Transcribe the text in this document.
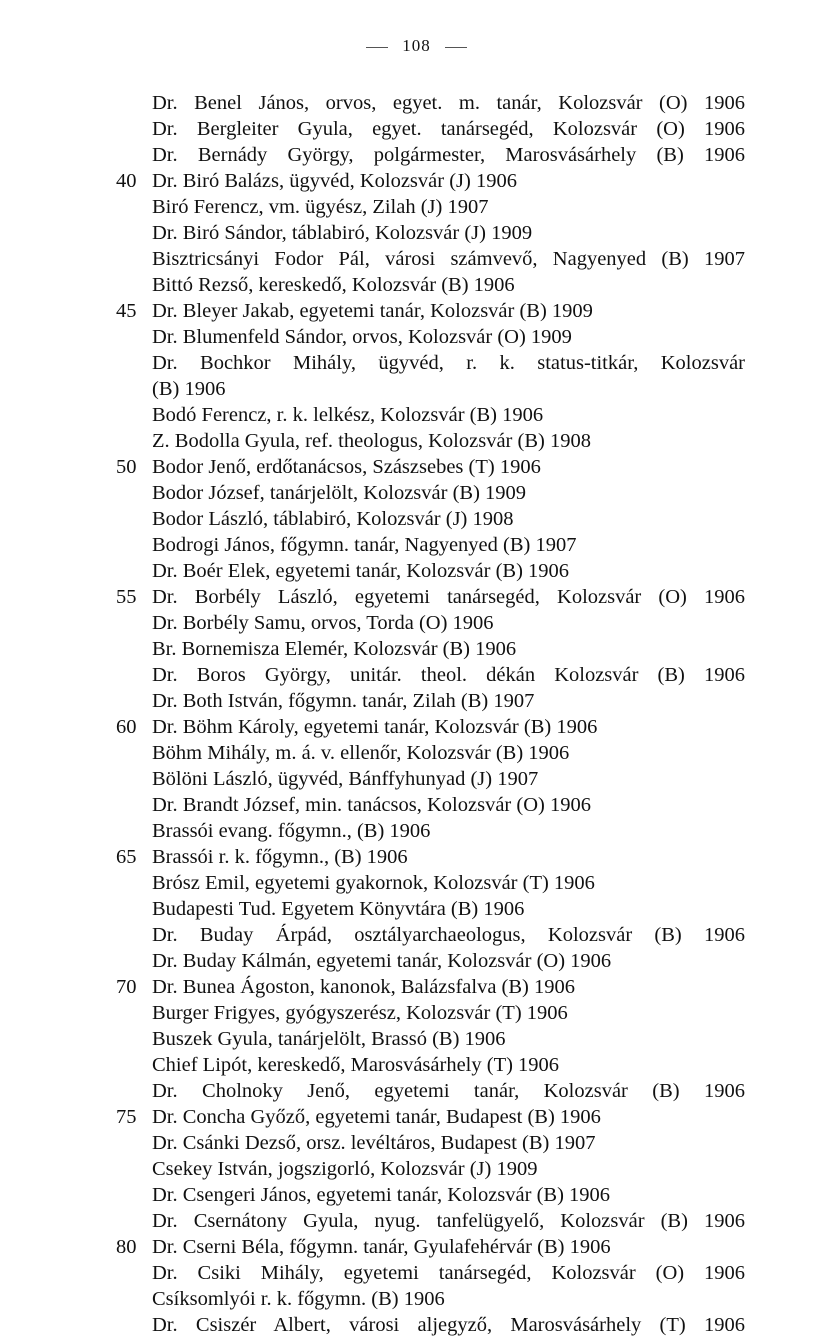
108
Dr. Benel János, orvos, egyet. m. tanár, Kolozsvár (O) 1906
Dr. Bergleiter Gyula, egyet. tanársegéd, Kolozsvár (O) 1906
Dr. Bernády György, polgármester, Marosvásárhely (B) 1906
40 Dr. Biró Balázs, ügyvéd, Kolozsvár (J) 1906
Biró Ferencz, vm. ügyész, Zilah (J) 1907
Dr. Biró Sándor, táblabiró, Kolozsvár (J) 1909
Bisztricsányi Fodor Pál, városi számvevő, Nagyenyed (B) 1907
Bittó Rezső, kereskedő, Kolozsvár (B) 1906
45 Dr. Bleyer Jakab, egyetemi tanár, Kolozsvár (B) 1909
Dr. Blumenfeld Sándor, orvos, Kolozsvár (O) 1909
Dr. Bochkor Mihály, ügyvéd, r. k. status-titkár, Kolozsvár
(B) 1906
Bodó Ferencz, r. k. lelkész, Kolozsvár (B) 1906
Z. Bodolla Gyula, ref. theologus, Kolozsvár (B) 1908
50 Bodor Jenő, erdőtanácsos, Szászsebes (T) 1906
Bodor József, tanárjelölt, Kolozsvár (B) 1909
Bodor László, táblabiró, Kolozsvár (J) 1908
Bodrogi János, főgymn. tanár, Nagyenyed (B) 1907
Dr. Boér Elek, egyetemi tanár, Kolozsvár (B) 1906
55 Dr. Borbély László, egyetemi tanársegéd, Kolozsvár (O) 1906
Dr. Borbély Samu, orvos, Torda (O) 1906
Br. Bornemisza Elemér, Kolozsvár (B) 1906
Dr. Boros György, unitár. theol. dékán Kolozsvár (B) 1906
Dr. Both István, főgymn. tanár, Zilah (B) 1907
60 Dr. Böhm Károly, egyetemi tanár, Kolozsvár (B) 1906
Böhm Mihály, m. á. v. ellenőr, Kolozsvár (B) 1906
Bölöni László, ügyvéd, Bánffyhunyad (J) 1907
Dr. Brandt József, min. tanácsos, Kolozsvár (O) 1906
Brassói evang. főgymn., (B) 1906
65 Brassói r. k. főgymn., (B) 1906
Brósz Emil, egyetemi gyakornok, Kolozsvár (T) 1906
Budapesti Tud. Egyetem Könyvtára (B) 1906
Dr. Buday Árpád, osztályarchaeologus, Kolozsvár (B) 1906
Dr. Buday Kálmán, egyetemi tanár, Kolozsvár (O) 1906
70 Dr. Bunea Ágoston, kanonok, Balázsfalva (B) 1906
Burger Frigyes, gyógyszerész, Kolozsvár (T) 1906
Buszek Gyula, tanárjelölt, Brassó (B) 1906
Chief Lipót, kereskedő, Marosvásárhely (T) 1906
Dr. Cholnoky Jenő, egyetemi tanár, Kolozsvár (B) 1906
75 Dr. Concha Győző, egyetemi tanár, Budapest (B) 1906
Dr. Csánki Dezső, orsz. levéltáros, Budapest (B) 1907
Csekey István, jogszigorló, Kolozsvár (J) 1909
Dr. Csengeri János, egyetemi tanár, Kolozsvár (B) 1906
Dr. Csernátony Gyula, nyug. tanfelügyelő, Kolozsvár (B) 1906
80 Dr. Cserni Béla, főgymn. tanár, Gyulafehérvár (B) 1906
Dr. Csiki Mihály, egyetemi tanársegéd, Kolozsvár (O) 1906
Csíksomlyói r. k. főgymn. (B) 1906
Dr. Csiszér Albert, városi aljegyző, Marosvásárhely (T) 1906
